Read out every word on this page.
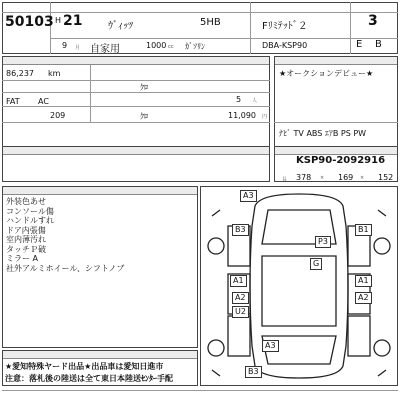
50103 H 21	ｳﾞｨｯﾂ	5HB	Fﾘﾐﾃｯﾄﾞ２	3
9 月 自家用	1000 cc ｶﾞｿﾘﾝ	DBA-KSP90	E B
86,237 km
FAT AC
ｸﾛ
5 人
209	ｸﾛ	11,090 円
★オークションデビュー★
ﾅﾋﾞ TV ABS ｴｱB PS PW
KSP90-2092916
長 378 × 169 × 152
外装色あせ
コンソール傷
ハンドルすれ
ドア内張傷
室内薄汚れ
タッチＰ破
ミラー A
社外アルミホイール、シフトノブ
★愛知特殊ヤード出品★出品車は愛知日進市
注意：落札後の陸送は全て東日本陸送ｾﾝﾀｰ手配
A3
B3	B1
P3
G
A1	A1
A2	A2
U2
A3
B3
